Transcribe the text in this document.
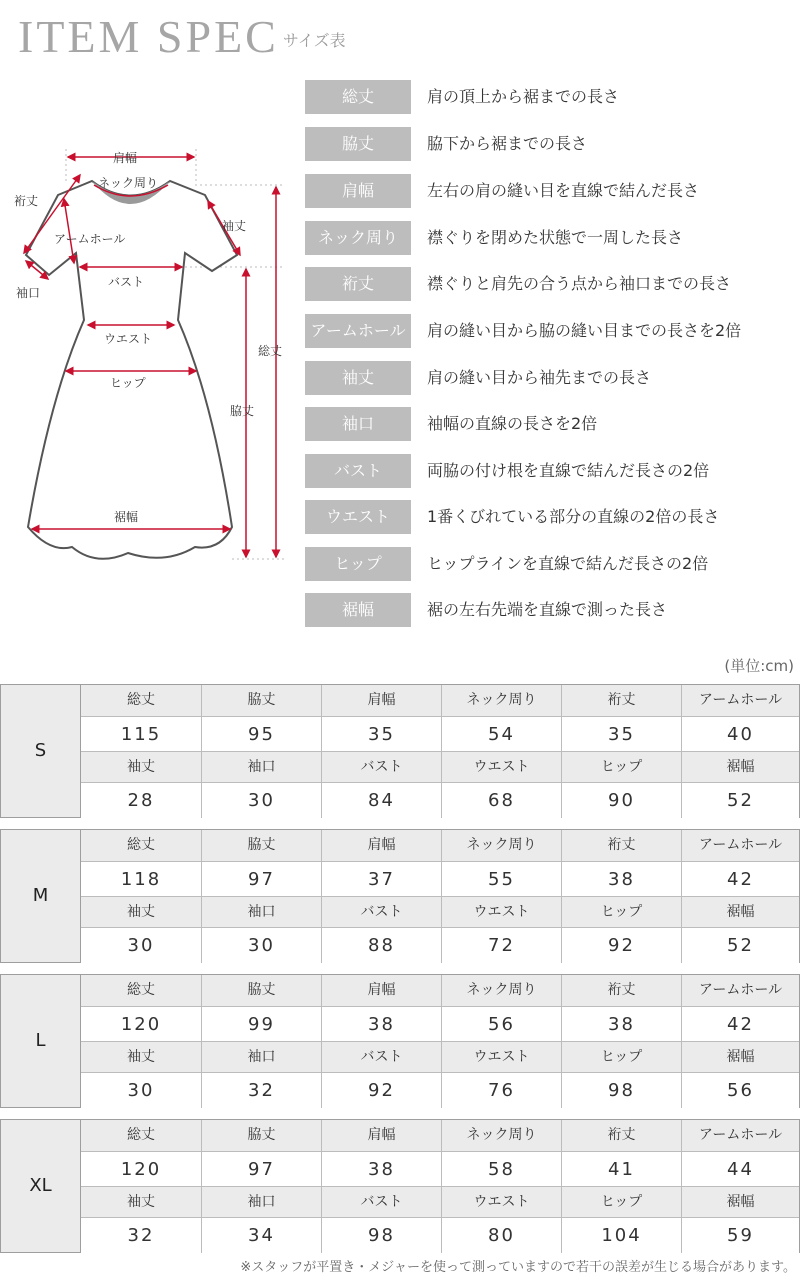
ITEM SPEC サイズ表
肩幅
ネック周り
裄丈
アームホール
袖丈
袖口
バスト
ウエスト
ヒップ
総丈
脇丈
裾幅
総丈	肩の頂上から裾までの長さ
脇丈	脇下から裾までの長さ
肩幅	左右の肩の縫い目を直線で結んだ長さ
ネック周り	襟ぐりを閉めた状態で一周した長さ
裄丈	襟ぐりと肩先の合う点から袖口までの長さ
アームホール	肩の縫い目から脇の縫い目までの長さを2倍
袖丈	肩の縫い目から袖先までの長さ
袖口	袖幅の直線の長さを2倍
バスト	両脇の付け根を直線で結んだ長さの2倍
ウエスト	1番くびれている部分の直線の2倍の長さ
ヒップ	ヒップラインを直線で結んだ長さの2倍
裾幅	裾の左右先端を直線で測った長さ
(単位:cm)
S
総丈	脇丈	肩幅	ネック周り	裄丈	アームホール
115	95	35	54	35	40
袖丈	袖口	バスト	ウエスト	ヒップ	裾幅
28	30	84	68	90	52
M
総丈	脇丈	肩幅	ネック周り	裄丈	アームホール
118	97	37	55	38	42
袖丈	袖口	バスト	ウエスト	ヒップ	裾幅
30	30	88	72	92	52
L
総丈	脇丈	肩幅	ネック周り	裄丈	アームホール
120	99	38	56	38	42
袖丈	袖口	バスト	ウエスト	ヒップ	裾幅
30	32	92	76	98	56
XL
総丈	脇丈	肩幅	ネック周り	裄丈	アームホール
120	97	38	58	41	44
袖丈	袖口	バスト	ウエスト	ヒップ	裾幅
32	34	98	80	104	59
※スタッフが平置き・メジャーを使って測っていますので若干の誤差が生じる場合があります。
